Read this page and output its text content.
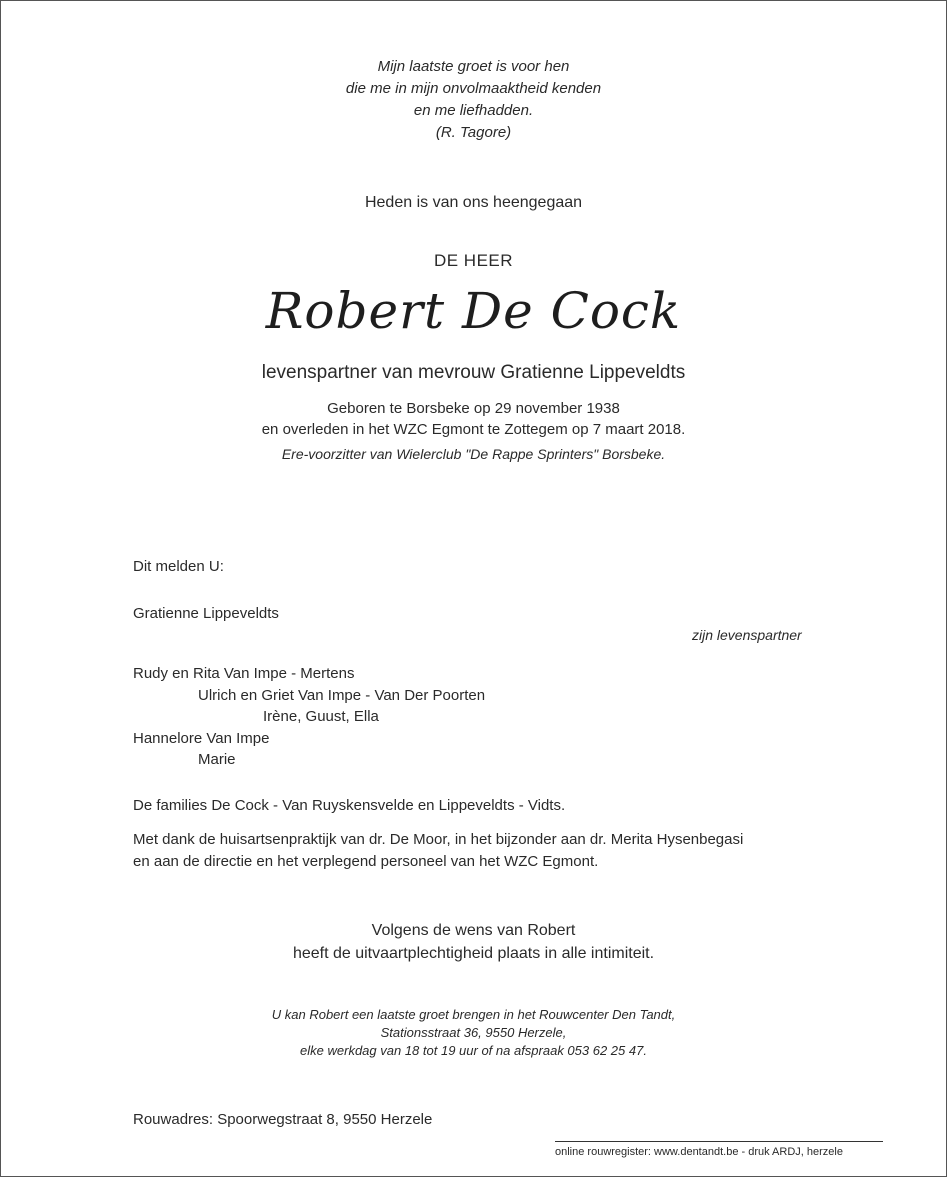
Mijn laatste groet is voor hen
die me in mijn onvolmaaktheid kenden
en me liefhadden.
(R. Tagore)
Heden is van ons heengegaan
DE HEER
Robert De Cock
levenspartner van mevrouw Gratienne Lippeveldts
Geboren te Borsbeke op 29 november 1938
en overleden in het WZC Egmont te Zottegem op 7 maart 2018.
Ere-voorzitter van Wielerclub "De Rappe Sprinters" Borsbeke.
Dit melden U:
Gratienne Lippeveldts
zijn levenspartner
Rudy en Rita Van Impe - Mertens
Ulrich en Griet Van Impe - Van Der Poorten
Irène, Guust, Ella
Hannelore Van Impe
Marie
De families De Cock - Van Ruyskensvelde en Lippeveldts - Vidts.
Met dank de huisartsenpraktijk van dr. De Moor, in het bijzonder aan dr. Merita Hysenbegasi
en aan de directie en het verplegend personeel van het WZC Egmont.
Volgens de wens van Robert
heeft de uitvaartplechtigheid plaats in alle intimiteit.
U kan Robert een laatste groet brengen in het Rouwcenter Den Tandt,
Stationsstraat 36, 9550 Herzele,
elke werkdag van 18 tot 19 uur of na afspraak 053 62 25 47.
Rouwadres: Spoorwegstraat 8, 9550 Herzele
online rouwregister: www.dentandt.be - druk ARDJ, herzele
